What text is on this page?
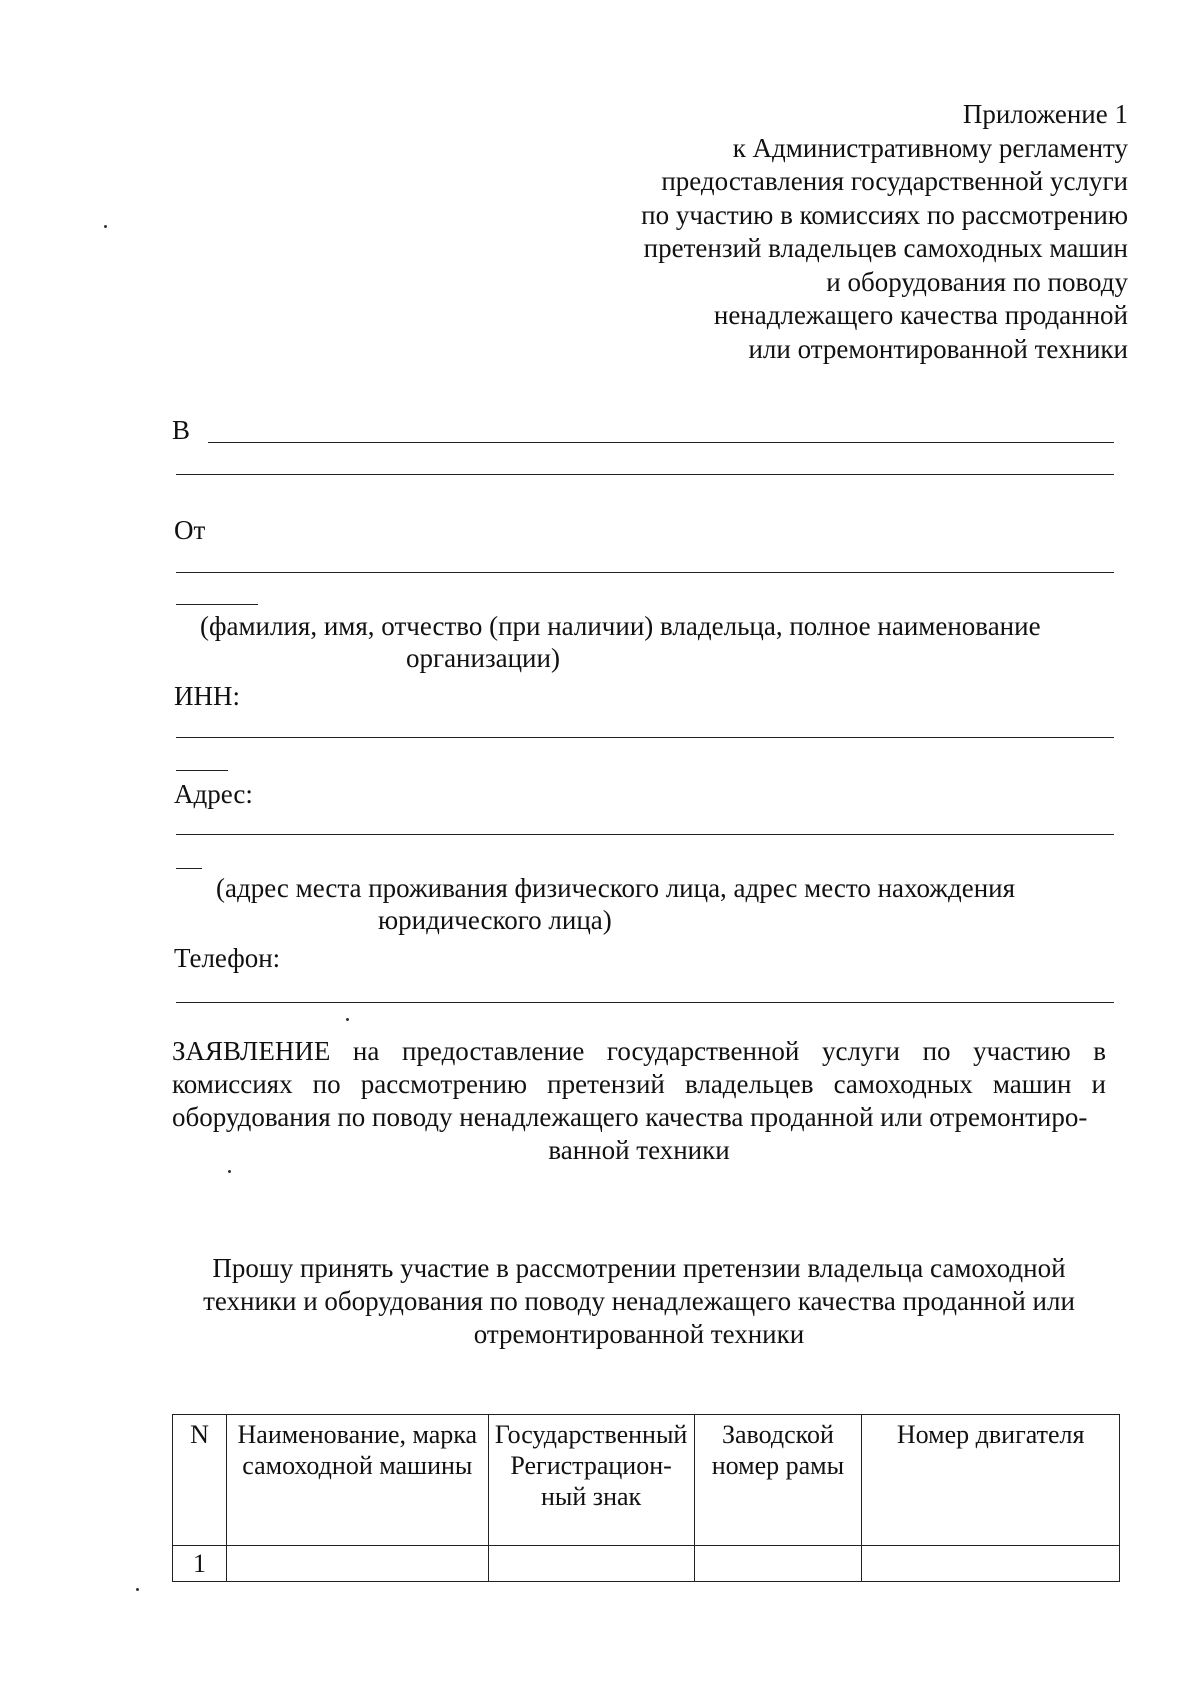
Приложение 1
к Административному регламенту
предоставления государственной услуги
по участию в комиссиях по рассмотрению
претензий владельцев самоходных машин
и оборудования по поводу
ненадлежащего качества проданной
или отремонтированной техники
В
От
(фамилия, имя, отчество (при наличии) владельца, полное наименование
организации)
ИНН:
Адрес:
(адрес места проживания физического лица, адрес место нахождения
юридического лица)
Телефон:
ЗАЯВЛЕНИЕ на предоставление государственной услуги по участию в комиссиях по рассмотрению претензий владельцев самоходных машин и оборудования по поводу ненадлежащего качества проданной или отремонтиро-
ванной техники
Прошу принять участие в рассмотрении претензии владельца самоходной техники и оборудования по поводу ненадлежащего качества проданной или отремонтированной техники
N	Наименование, марка самоходной машины	Государственный Регистрационный знак	Заводской номер рамы	Номер двигателя
1				
